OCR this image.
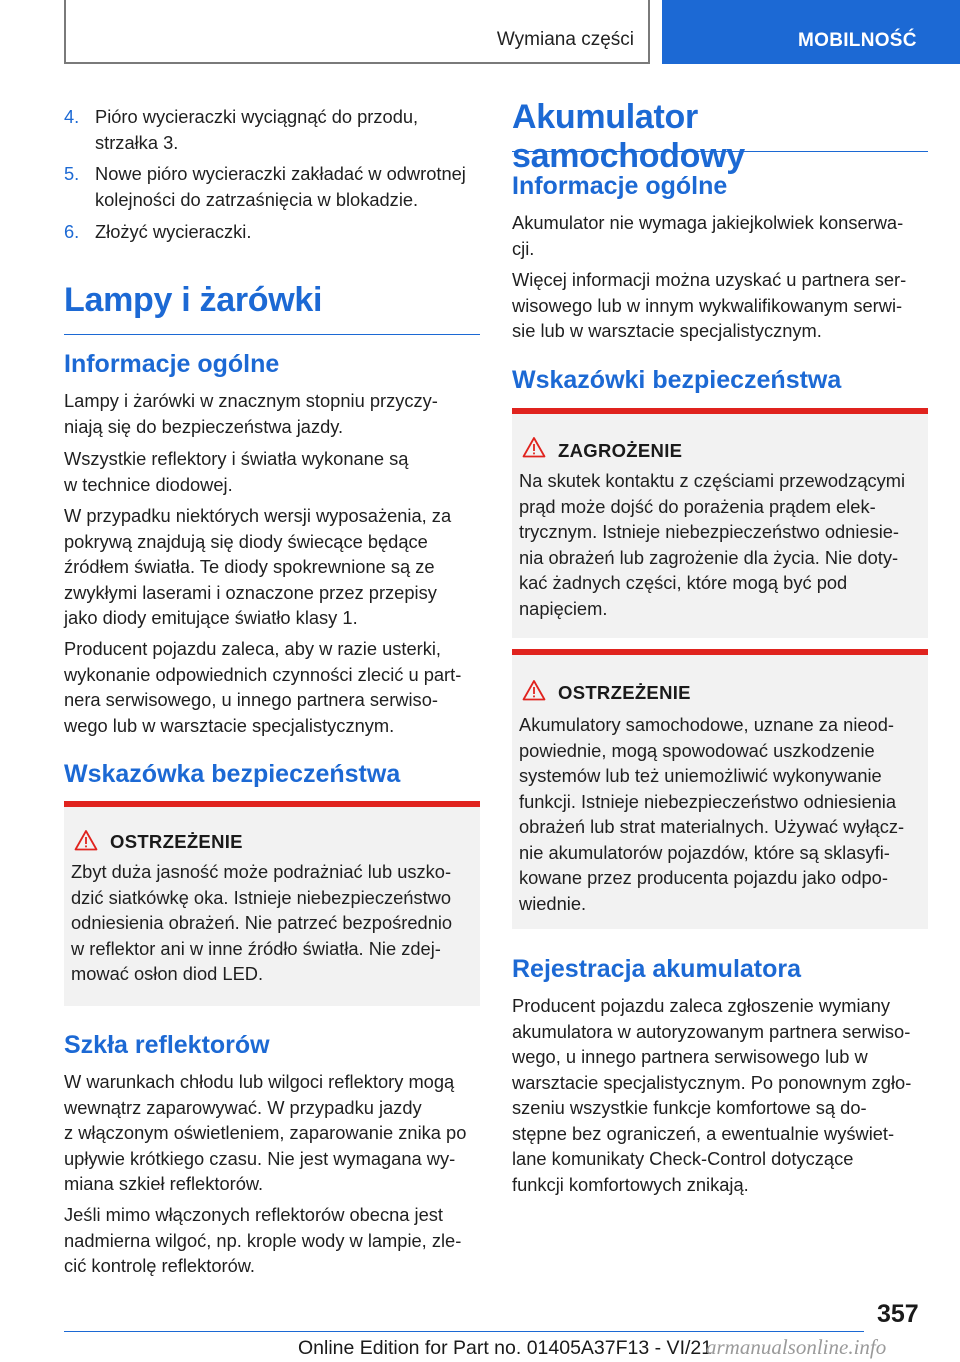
Wymiana części	MOBILNOŚĆ
4. Pióro wycieraczki wyciągnąć do przodu,
strzałka 3.
5. Nowe pióro wycieraczki zakładać w odwrotnej
kolejności do zatrzaśnięcia w blokadzie.
6. Złożyć wycieraczki.
Lampy i żarówki
Informacje ogólne
Lampy i żarówki w znacznym stopniu przyczy-
niają się do bezpieczeństwa jazdy.
Wszystkie reflektory i światła wykonane są
w technice diodowej.
W przypadku niektórych wersji wyposażenia, za
pokrywą znajdują się diody świecące będące
źródłem światła. Te diody spokrewnione są ze
zwykłymi laserami i oznaczone przez przepisy
jako diody emitujące światło klasy 1.
Producent pojazdu zaleca, aby w razie usterki,
wykonanie odpowiednich czynności zlecić u part-
nera serwisowego, u innego partnera serwiso-
wego lub w warsztacie specjalistycznym.
Wskazówka bezpieczeństwa
OSTRZEŻENIE
Zbyt duża jasność może podrażniać lub uszko-
dzić siatkówkę oka. Istnieje niebezpieczeństwo
odniesienia obrażeń. Nie patrzeć bezpośrednio
w reflektor ani w inne źródło światła. Nie zdej-
mować osłon diod LED.
Szkła reflektorów
W warunkach chłodu lub wilgoci reflektory mogą
wewnątrz zaparowywać. W przypadku jazdy
z włączonym oświetleniem, zaparowanie znika po
upływie krótkiego czasu. Nie jest wymagana wy-
miana szkieł reflektorów.
Jeśli mimo włączonych reflektorów obecna jest
nadmierna wilgoć, np. krople wody w lampie, zle-
cić kontrolę reflektorów.
Akumulator samochodowy
Informacje ogólne
Akumulator nie wymaga jakiejkolwiek konserwa-
cji.
Więcej informacji można uzyskać u partnera ser-
wisowego lub w innym wykwalifikowanym serwi-
sie lub w warsztacie specjalistycznym.
Wskazówki bezpieczeństwa
ZAGROŻENIE
Na skutek kontaktu z częściami przewodzącymi
prąd może dojść do porażenia prądem elek-
trycznym. Istnieje niebezpieczeństwo odniesie-
nia obrażeń lub zagrożenie dla życia. Nie doty-
kać żadnych części, które mogą być pod
napięciem.
OSTRZEŻENIE
Akumulatory samochodowe, uznane za nieod-
powiednie, mogą spowodować uszkodzenie
systemów lub też uniemożliwić wykonywanie
funkcji. Istnieje niebezpieczeństwo odniesienia
obrażeń lub strat materialnych. Używać wyłącz-
nie akumulatorów pojazdów, które są sklasyfi-
kowane przez producenta pojazdu jako odpo-
wiednie.
Rejestracja akumulatora
Producent pojazdu zaleca zgłoszenie wymiany
akumulatora w autoryzowanym partnera serwiso-
wego, u innego partnera serwisowego lub w
warsztacie specjalistycznym. Po ponownym zgło-
szeniu wszystkie funkcje komfortowe są do-
stępne bez ograniczeń, a ewentualnie wyświet-
lane komunikaty Check-Control dotyczące
funkcji komfortowych znikają.
357
Online Edition for Part no. 01405A37F13 - VI/21
armanualsonline.info
